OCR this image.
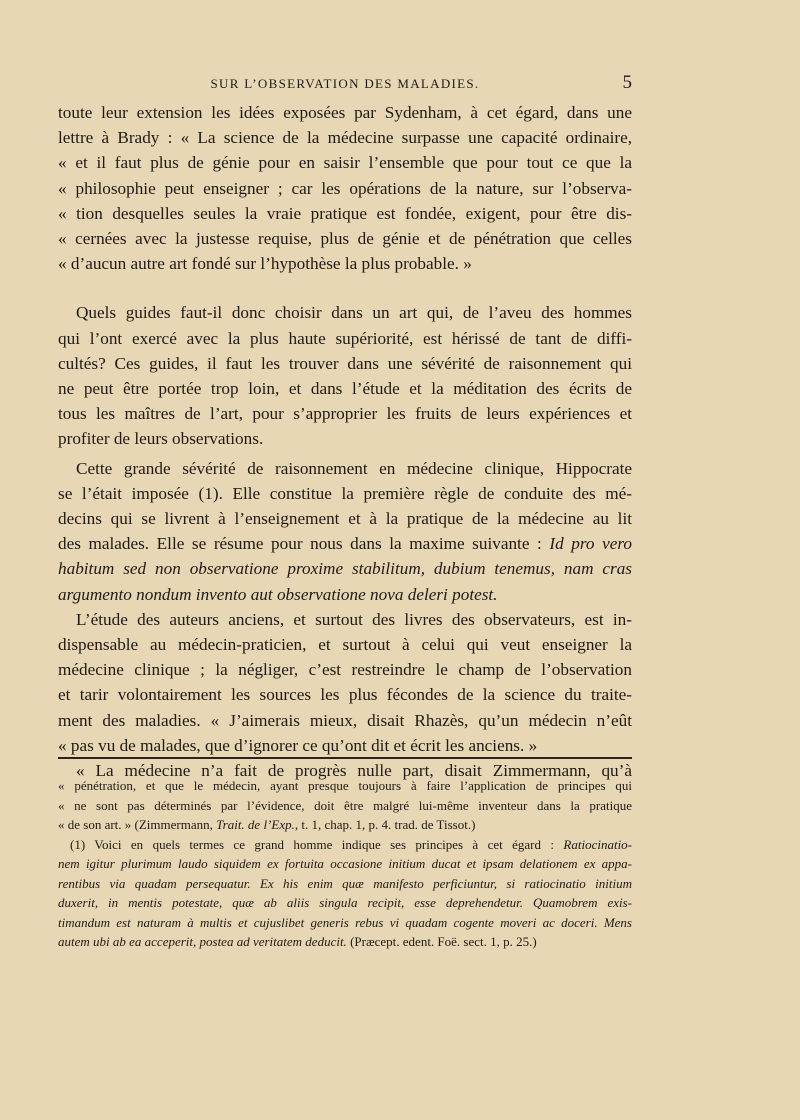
SUR L’OBSERVATION DES MALADIES.	5

toute leur extension les idées exposées par Sydenham, à cet égard, dans une
lettre à Brady : « La science de la médecine surpasse une capacité ordinaire,
« et il faut plus de génie pour en saisir l’ensemble que pour tout ce que la
« philosophie peut enseigner ; car les opérations de la nature, sur l’observa-
« tion desquelles seules la vraie pratique est fondée, exigent, pour être dis-
« cernées avec la justesse requise, plus de génie et de pénétration que celles
« d’aucun autre art fondé sur l’hypothèse la plus probable. »

Quels guides faut-il donc choisir dans un art qui, de l’aveu des hommes
qui l’ont exercé avec la plus haute supériorité, est hérissé de tant de diffi-
cultés? Ces guides, il faut les trouver dans une sévérité de raisonnement qui
ne peut être portée trop loin, et dans l’étude et la méditation des écrits de
tous les maîtres de l’art, pour s’approprier les fruits de leurs expériences et
profiter de leurs observations.

Cette grande sévérité de raisonnement en médecine clinique, Hippocrate
se l’était imposée (1). Elle constitue la première règle de conduite des mé-
decins qui se livrent à l’enseignement et à la pratique de la médecine au lit
des malades. Elle se résume pour nous dans la maxime suivante : Id pro vero
habitum sed non observatione proxime stabilitum, dubium tenemus, nam cras
argumento nondum invento aut observatione nova deleri potest.

L’étude des auteurs anciens, et surtout des livres des observateurs, est in-
dispensable au médecin-praticien, et surtout à celui qui veut enseigner la
médecine clinique ; la négliger, c’est restreindre le champ de l’observation
et tarir volontairement les sources les plus fécondes de la science du traite-
ment des maladies. « J’aimerais mieux, disait Rhazès, qu’un médecin n’eût
« pas vu de malades, que d’ignorer ce qu’ont dit et écrit les anciens. »

« La médecine n’a fait de progrès nulle part, disait Zimmermann, qu’à

« pénétration, et que le médecin, ayant presque toujours à faire l’application de principes qui
« ne sont pas déterminés par l’évidence, doit être malgré lui-même inventeur dans la pratique
« de son art. » (Zimmermann, Trait. de l’Exp., t. 1, chap. 1, p. 4. trad. de Tissot.)
(1) Voici en quels termes ce grand homme indique ses principes à cet égard : Ratiocinatio-
nem igitur plurimum laudo siquidem ex fortuita occasione initium ducat et ipsam delationem ex appa-
rentibus via quadam persequatur. Ex his enim quæ manifesto perficiuntur, si ratiocinatio initium
duxerit, in mentis potestate, quæ ab aliis singula recipit, esse deprehendetur. Quamobrem exis-
timandum est naturam à multis et cujuslibet generis rebus vi quadam cogente moveri ac doceri. Mens
autem ubi ab ea acceperit, postea ad veritatem deducit. (Præcept. edent. Foë. sect. 1, p. 25.)
